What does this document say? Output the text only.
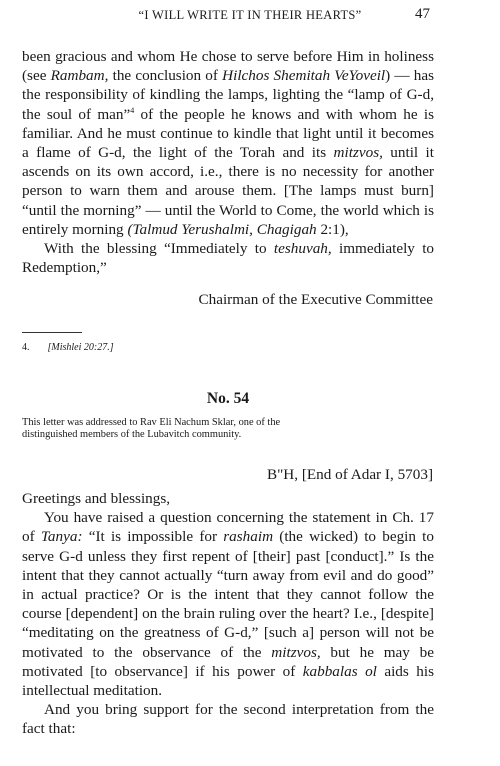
“I WILL WRITE IT IN THEIR HEARTS”	47

been gracious and whom He chose to serve before Him in holiness (see Rambam, the conclusion of Hilchos Shemitah VeYoveil) — has the responsibility of kindling the lamps, lighting the “lamp of G-d, the soul of man”$^4$ of the people he knows and with whom he is familiar. And he must continue to kindle that light until it becomes a flame of G-d, the light of the Torah and its mitzvos, until it ascends on its own accord, i.e., there is no necessity for another person to warn them and arouse them. [The lamps must burn] “until the morning” — until the World to Come, the world which is entirely morning (Talmud Yerushalmi, Chagigah 2:1),

With the blessing “Immediately to teshuvah, immediately to Redemption,”

Chairman of the Executive Committee
4. [Mishlei 20:27.]
No. 54
This letter was addressed to Rav Eli Nachum Sklar, one of the distinguished members of the Lubavitch community.
B"H, [End of Adar I, 5703]

Greetings and blessings,

You have raised a question concerning the statement in Ch. 17 of Tanya: “It is impossible for rashaim (the wicked) to begin to serve G-d unless they first repent of [their] past [conduct].” Is the intent that they cannot actually “turn away from evil and do good” in actual practice? Or is the intent that they cannot follow the course [dependent] on the brain ruling over the heart? I.e., [despite] “meditating on the greatness of G-d,” [such a] person will not be motivated to the observance of the mitzvos, but he may be motivated [to observance] if his power of kabbalas ol aids his intellectual meditation.

And you bring support for the second interpretation from the fact that:
